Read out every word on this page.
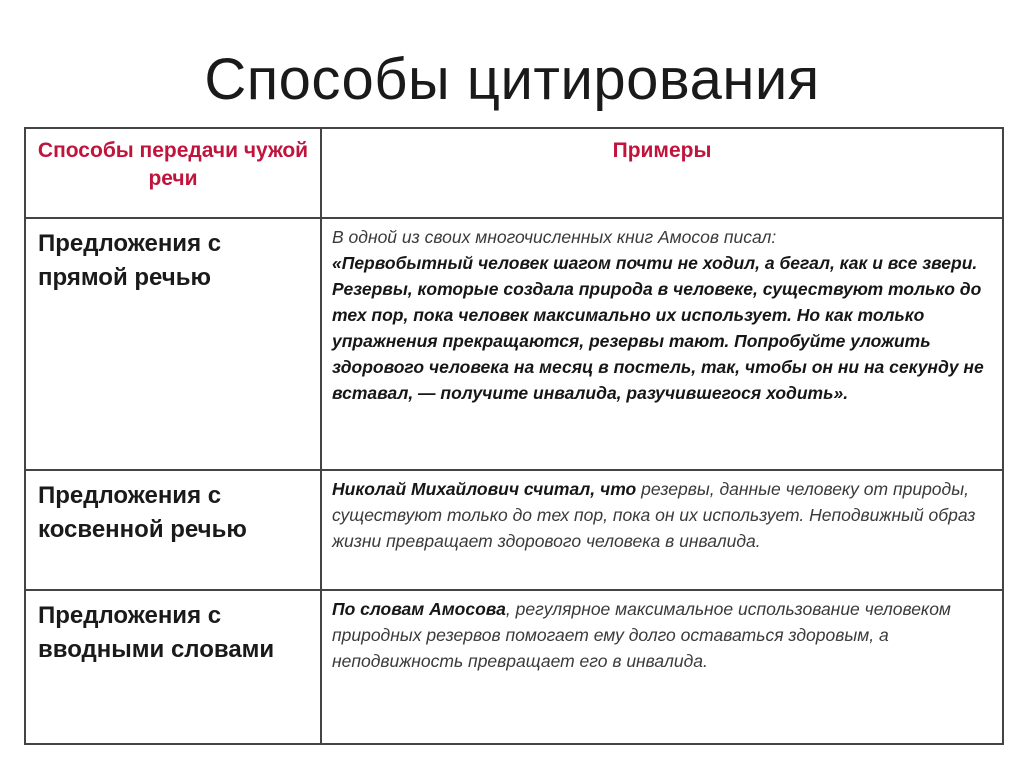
Способы цитирования
Способы передачи чужой речи	Примеры
Предложения с прямой речью	В одной из своих многочисленных книг Амосов писал:
«Первобытный человек шагом почти не ходил, а бегал, как и все звери. Резервы, которые создала природа в человеке, существуют только до тех пор, пока человек максимально их использует. Но как только упражнения прекращаются, резервы тают. Попробуйте уложить здорового человека на месяц в постель, так, чтобы он ни на секунду не вставал, — получите инвалида, разучившегося ходить».
Предложения с косвенной речью	Николай Михайлович считал, что резервы, данные человеку от природы, существуют только до тех пор, пока он их использует. Неподвижный образ жизни превращает здорового человека в инвалида.
Предложения с вводными словами	По словам Амосова, регулярное максимальное использование человеком природных резервов помогает ему долго оставаться здоровым, а неподвижность превращает его в инвалида.
